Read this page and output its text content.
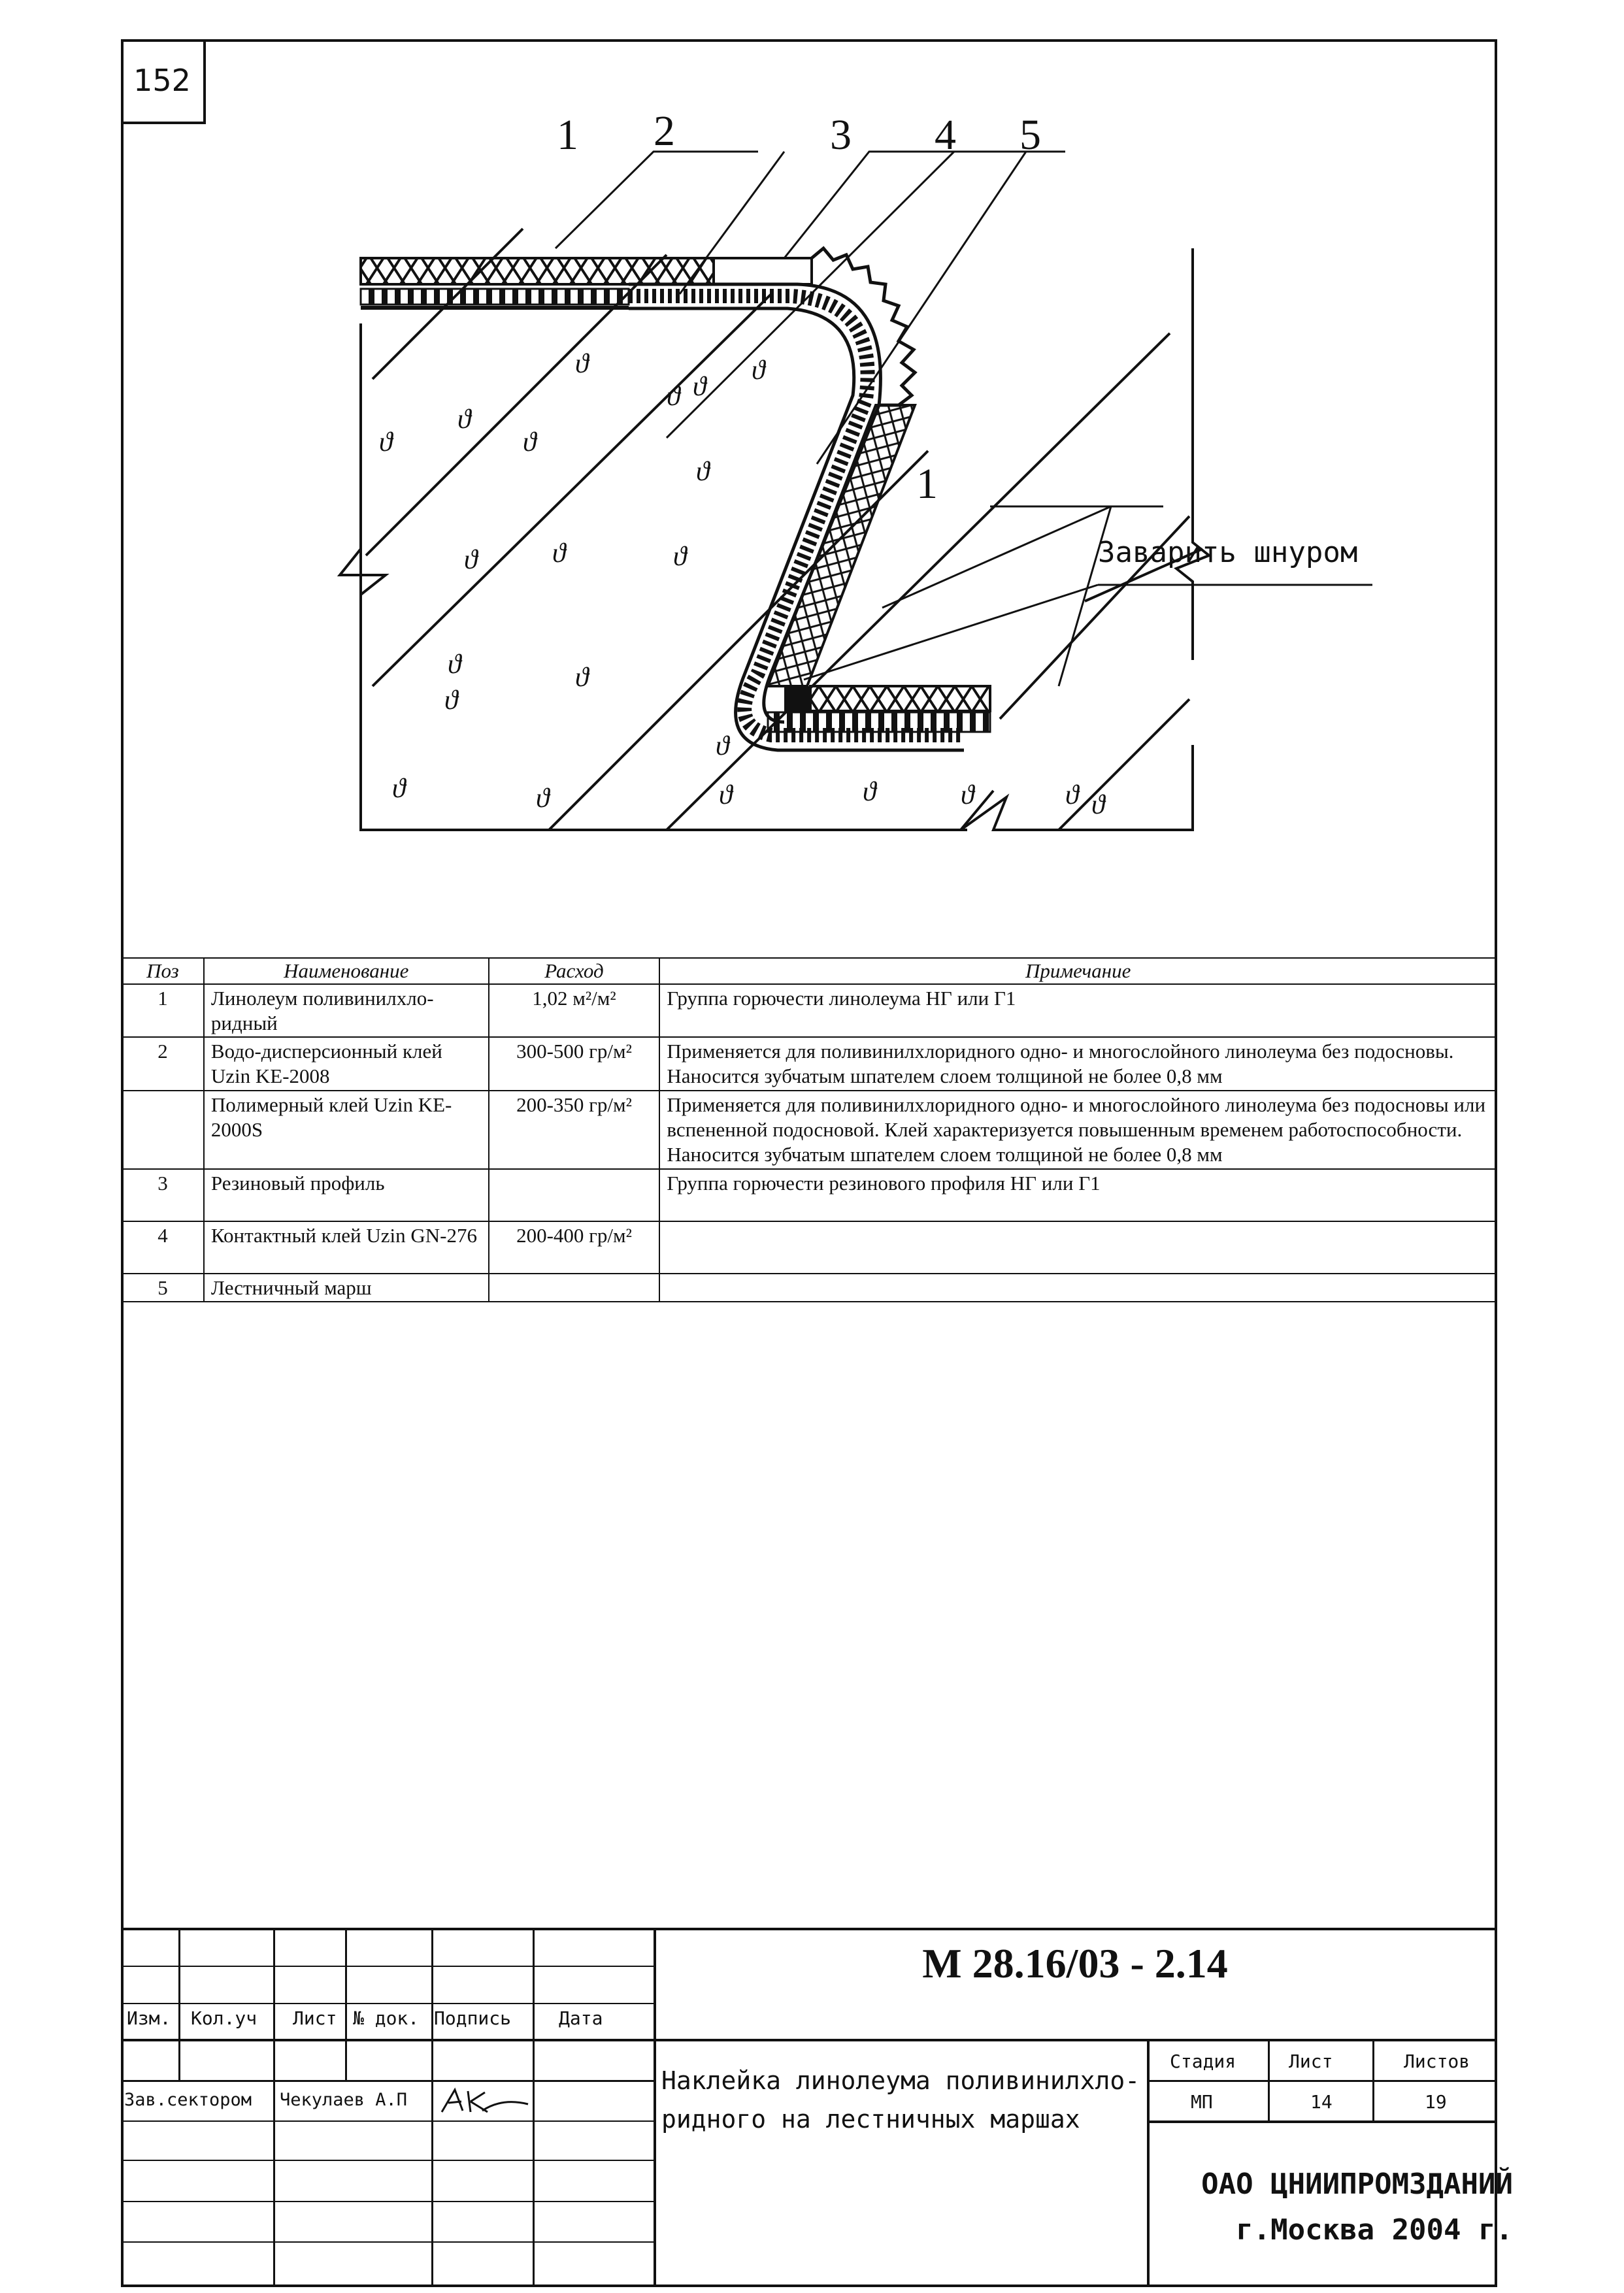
152
ϑ
ϑ
ϑ	ϑ
ϑ ϑ
ϑ
ϑ
ϑ
ϑ	ϑ
ϑ
ϑ
ϑ
ϑ
ϑ	ϑ	ϑ	ϑ	ϑ	ϑ ϑ
1 2	3 4 5
1
Заварить шнуром
Поз	Наименование	Расход	Примечание
1	Линолеум поливинилхло-ридный	1,02 м²/м²	Группа горючести линолеума НГ или Г1
2	Водо-дисперсионный клей Uzin KE-2008	300-500 гр/м²	Применяется для поливинилхлоридного одно- и многослойного линолеума без подосновы. Наносится зубчатым шпателем слоем толщиной не более 0,8 мм
	Полимерный клей Uzin KE-2000S	200-350 гр/м²	Применяется для поливинилхлоридного одно- и многослойного линолеума без подосновы или вспененной подосновой. Клей характеризуется повышенным временем работоспособности. Наносится зубчатым шпателем слоем толщиной не более 0,8 мм
3	Резиновый профиль		Группа горючести резинового профиля НГ или Г1
4	Контактный клей Uzin GN-276	200-400 гр/м²	
5	Лестничный марш		
М 28.16/03 - 2.14
Изм. Кол.уч Лист № док. Подпись	Дата
Зав.сектором Чекулаев А.П
Наклейка линолеума поливинилхло-
ридного на лестничных маршах
Стадия	Лист	Листов
МП	14	19
ОАО ЦНИИПРОМЗДАНИЙ
г.Москва 2004 г.
